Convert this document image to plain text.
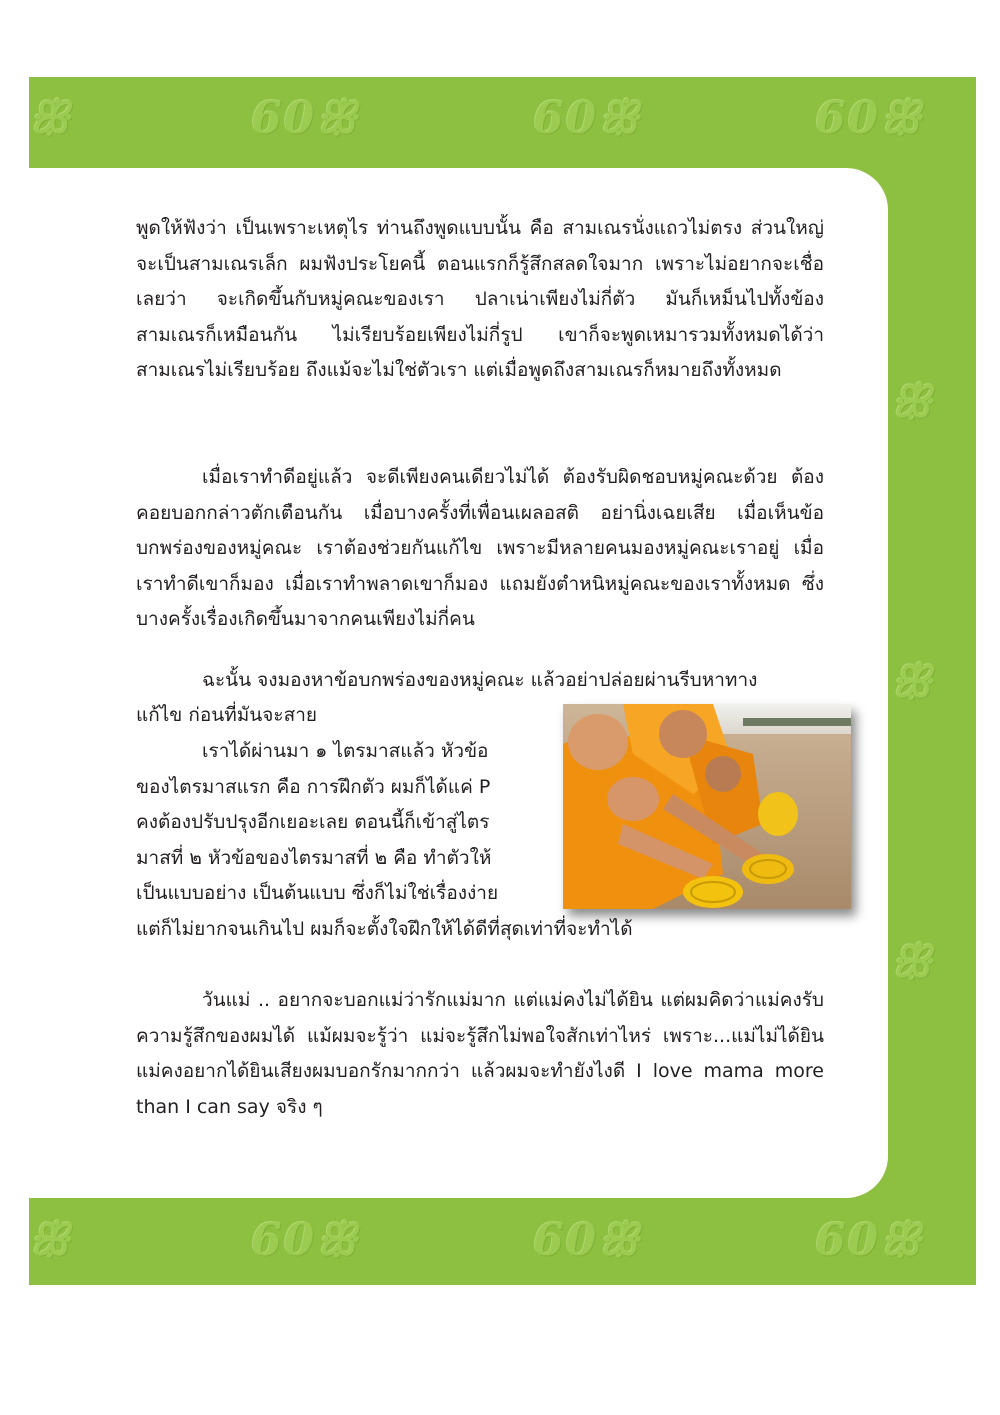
ꕥ	60ꕥ	60ꕥ	60ꕥ
ꕥ
ꕥ
ꕥ
ꕥ	60ꕥ	60ꕥ	60ꕥ

พูดให้ฟังว่า เป็นเพราะเหตุไร ท่านถึงพูดแบบนั้น คือ สามเณรนั่งแถวไม่ตรง ส่วนใหญ่จะเป็นสามเณรเล็ก ผมฟังประโยคนี้ ตอนแรกก็รู้สึกสลดใจมาก เพราะไม่อยากจะเชื่อเลยว่า จะเกิดขึ้นกับหมู่คณะของเรา ปลาเน่าเพียงไม่กี่ตัว มันก็เหม็นไปทั้งข้อง สามเณรก็เหมือนกัน ไม่เรียบร้อยเพียงไม่กี่รูป เขาก็จะพูดเหมารวมทั้งหมดได้ว่า สามเณรไม่เรียบร้อย ถึงแม้จะไม่ใช่ตัวเรา แต่เมื่อพูดถึงสามเณรก็หมายถึงทั้งหมด

เมื่อเราทำดีอยู่แล้ว จะดีเพียงคนเดียวไม่ได้ ต้องรับผิดชอบหมู่คณะด้วย ต้องคอยบอกกล่าวตักเตือนกัน เมื่อบางครั้งที่เพื่อนเผลอสติ อย่านิ่งเฉยเสีย เมื่อเห็นข้อบกพร่องของหมู่คณะ เราต้องช่วยกันแก้ไข เพราะมีหลายคนมองหมู่คณะเราอยู่ เมื่อเราทำดีเขาก็มอง เมื่อเราทำพลาดเขาก็มอง แถมยังตำหนิหมู่คณะของเราทั้งหมด ซึ่งบางครั้งเรื่องเกิดขึ้นมาจากคนเพียงไม่กี่คน

ฉะนั้น จงมองหาข้อบกพร่องของหมู่คณะ แล้วอย่าปล่อยผ่านรีบหาทาง

แก้ไข ก่อนที่มันจะสาย

เราได้ผ่านมา ๑ ไตรมาสแล้ว หัวข้อ

ของไตรมาสแรก คือ การฝึกตัว ผมก็ได้แค่ P

คงต้องปรับปรุงอีกเยอะเลย ตอนนี้ก็เข้าสู่ไตร

มาสที่ ๒ หัวข้อของไตรมาสที่ ๒ คือ ทำตัวให้

เป็นแบบอย่าง เป็นต้นแบบ ซึ่งก็ไม่ใช่เรื่องง่าย

แต่ก็ไม่ยากจนเกินไป ผมก็จะตั้งใจฝึกให้ได้ดีที่สุดเท่าที่จะทำได้

วันแม่ .. อยากจะบอกแม่ว่ารักแม่มาก แต่แม่คงไม่ได้ยิน แต่ผมคิดว่าแม่คงรับความรู้สึกของผมได้ แม้ผมจะรู้ว่า แม่จะรู้สึกไม่พอใจสักเท่าไหร่ เพราะ...แม่ไม่ได้ยิน แม่คงอยากได้ยินเสียงผมบอกรักมากกว่า แล้วผมจะทำยังไงดี I love mama more than I can say จริง ๆ
